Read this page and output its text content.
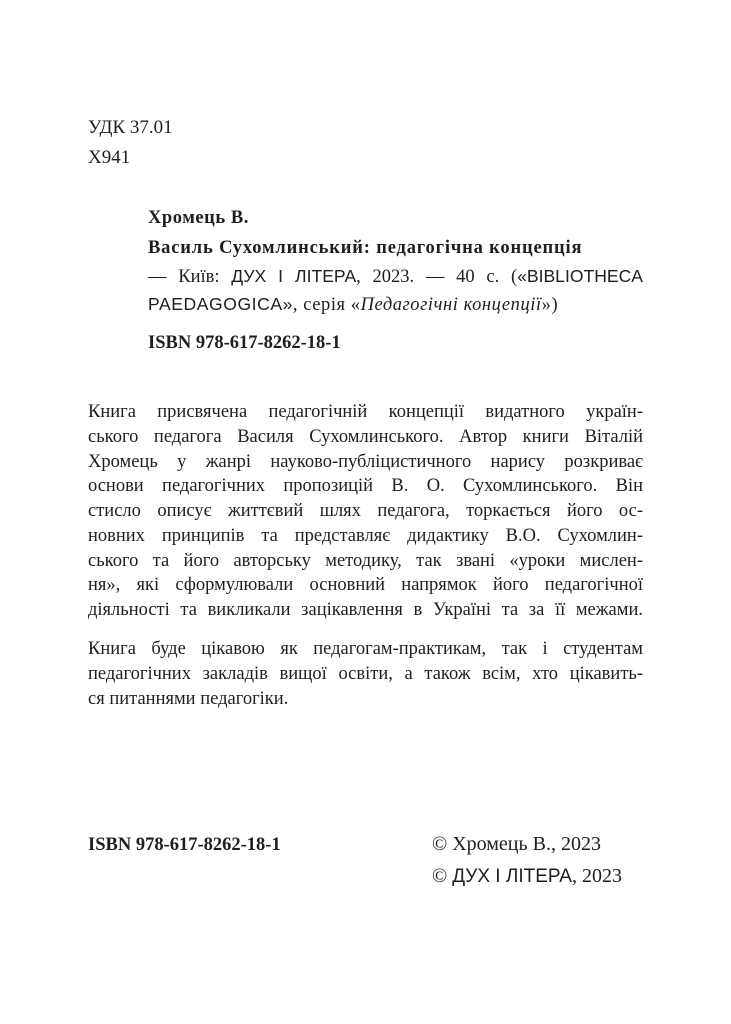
УДК 37.01
Х941
Хромець В.
Василь Сухомлинський: педагогічна концепція
— Київ: ДУХ І ЛІТЕРА, 2023. — 40 с. («BIBLIOTHECA
PAEDAGOGICA», серія «Педагогічні концепції»)
ISBN 978-617-8262-18-1
Книга присвячена педагогічній концепції видатного україн-
ського педагога Василя Сухомлинського. Автор книги Віталій
Хромець у жанрі науково-публіцистичного нарису розкриває
основи педагогічних пропозицій В. О. Сухомлинського. Він
стисло описує життєвий шлях педагога, торкається його ос-
новних принципів та представляє дидактику В.О. Сухомлин-
ського та його авторську методику, так звані «уроки мислен-
ня», які сформулювали основний напрямок його педагогічної
діяльності та викликали зацікавлення в Україні та за її межами.
Книга буде цікавою як педагогам-практикам, так і студентам
педагогічних закладів вищої освіти, а також всім, хто цікавить-
ся питаннями педагогіки.
ISBN 978-617-8262-18-1	© Хромець В., 2023
© ДУХ І ЛІТЕРА, 2023
